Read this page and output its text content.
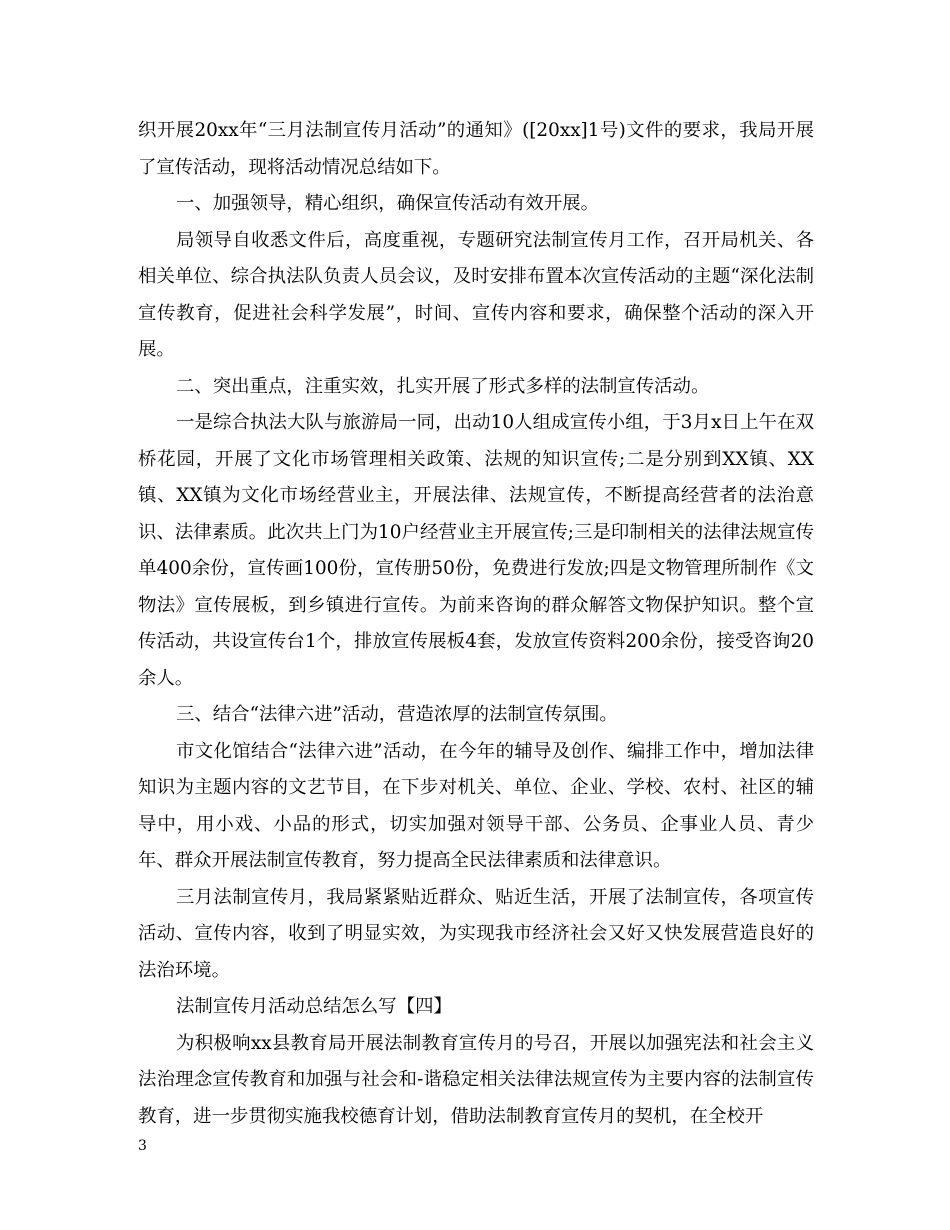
织开展20xx年“三月法制宣传月活动”的通知》([20xx]1号)文件的要求，我局开展了宣传活动，现将活动情况总结如下。

一、加强领导，精心组织，确保宣传活动有效开展。

局领导自收悉文件后，高度重视，专题研究法制宣传月工作，召开局机关、各相关单位、综合执法队负责人员会议，及时安排布置本次宣传活动的主题“深化法制宣传教育，促进社会科学发展”，时间、宣传内容和要求，确保整个活动的深入开展。

二、突出重点，注重实效，扎实开展了形式多样的法制宣传活动。

一是综合执法大队与旅游局一同，出动10人组成宣传小组，于3月x日上午在双桥花园，开展了文化市场管理相关政策、法规的知识宣传;二是分别到XX镇、XX镇、XX镇为文化市场经营业主，开展法律、法规宣传，不断提高经营者的法治意识、法律素质。此次共上门为10户经营业主开展宣传;三是印制相关的法律法规宣传单400余份，宣传画100份，宣传册50份，免费进行发放;四是文物管理所制作《文物法》宣传展板，到乡镇进行宣传。为前来咨询的群众解答文物保护知识。整个宣传活动，共设宣传台1个，排放宣传展板4套，发放宣传资料200余份，接受咨询20余人。

三、结合“法律六进”活动，营造浓厚的法制宣传氛围。

市文化馆结合“法律六进”活动，在今年的辅导及创作、编排工作中，增加法律知识为主题内容的文艺节目，在下步对机关、单位、企业、学校、农村、社区的辅导中，用小戏、小品的形式，切实加强对领导干部、公务员、企事业人员、青少年、群众开展法制宣传教育，努力提高全民法律素质和法律意识。

三月法制宣传月，我局紧紧贴近群众、贴近生活，开展了法制宣传，各项宣传活动、宣传内容，收到了明显实效，为实现我市经济社会又好又快发展营造良好的法治环境。

法制宣传月活动总结怎么写【四】

为积极响xx县教育局开展法制教育宣传月的号召，开展以加强宪法和社会主义法治理念宣传教育和加强与社会和-谐稳定相关法律法规宣传为主要内容的法制宣传教育，进一步贯彻实施我校德育计划，借助法制教育宣传月的契机，在全校开

3
